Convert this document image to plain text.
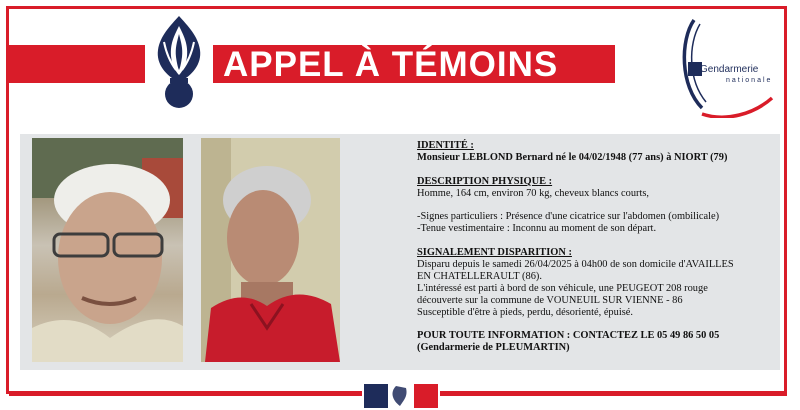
APPEL À TÉMOINS	Gendarmerie
nationale

IDENTITÉ :

Monsieur LEBLOND Bernard né le 04/02/1948 (77 ans) à NIORT (79)

DESCRIPTION PHYSIQUE :

Homme, 164 cm, environ 70 kg, cheveux blancs courts,

-Signes particuliers : Présence d'une cicatrice sur l'abdomen (ombilicale)

-Tenue vestimentaire : Inconnu au moment de son départ.

SIGNALEMENT DISPARITION :

Disparu depuis le samedi 26/04/2025 à 04h00 de son domicile d'AVAILLES

EN CHATELLERAULT (86).

L'intéressé est parti à bord de son véhicule, une PEUGEOT 208 rouge

découverte sur la commune de VOUNEUIL SUR VIENNE - 86

Susceptible d'être à pieds, perdu, désorienté, épuisé.

POUR TOUTE INFORMATION : CONTACTEZ LE 05 49 86 50 05

(Gendarmerie de PLEUMARTIN)
